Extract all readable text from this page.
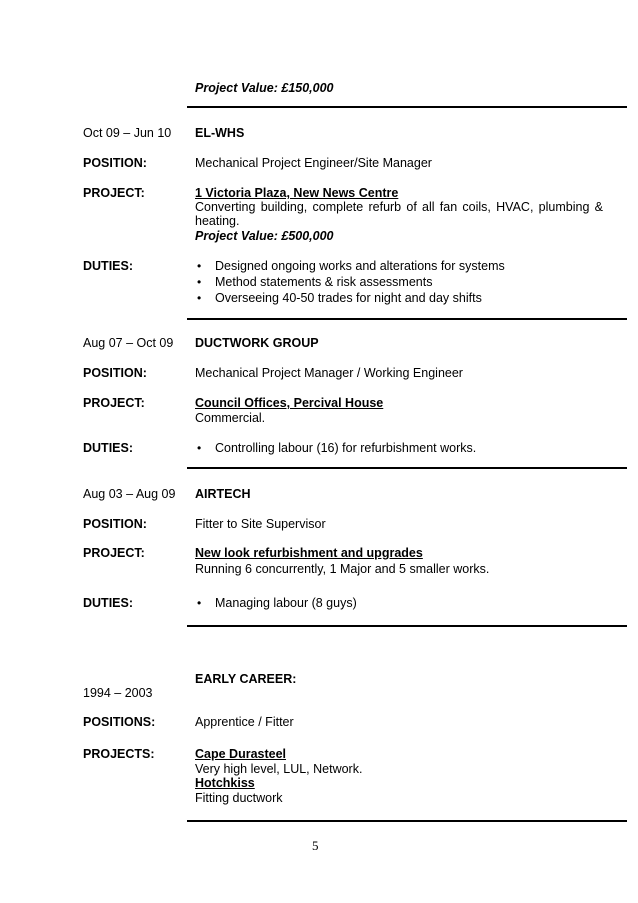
Project Value: £150,000
Oct 09 – Jun 10 EL-WHS
POSITION:	Mechanical Project Engineer/Site Manager
PROJECT:	1 Victoria Plaza, New News Centre
Converting building, complete refurb of all fan coils, HVAC, plumbing & heating.
Project Value: £500,000
DUTIES:	• Designed ongoing works and alterations for systems
• Method statements & risk assessments
• Overseeing 40-50 trades for night and day shifts
Aug 07 – Oct 09 DUCTWORK GROUP
POSITION:	Mechanical Project Manager / Working Engineer
PROJECT:	Council Offices, Percival House
Commercial.
DUTIES:	• Controlling labour (16) for refurbishment works.
Aug 03 – Aug 09 AIRTECH
POSITION:	Fitter to Site Supervisor
PROJECT:	New look refurbishment and upgrades
Running 6 concurrently, 1 Major and 5 smaller works.
DUTIES:	• Managing labour (8 guys)
EARLY CAREER:
1994 – 2003
POSITIONS:	Apprentice / Fitter
PROJECTS:	Cape Durasteel
Very high level, LUL, Network.
Hotchkiss
Fitting ductwork
5
